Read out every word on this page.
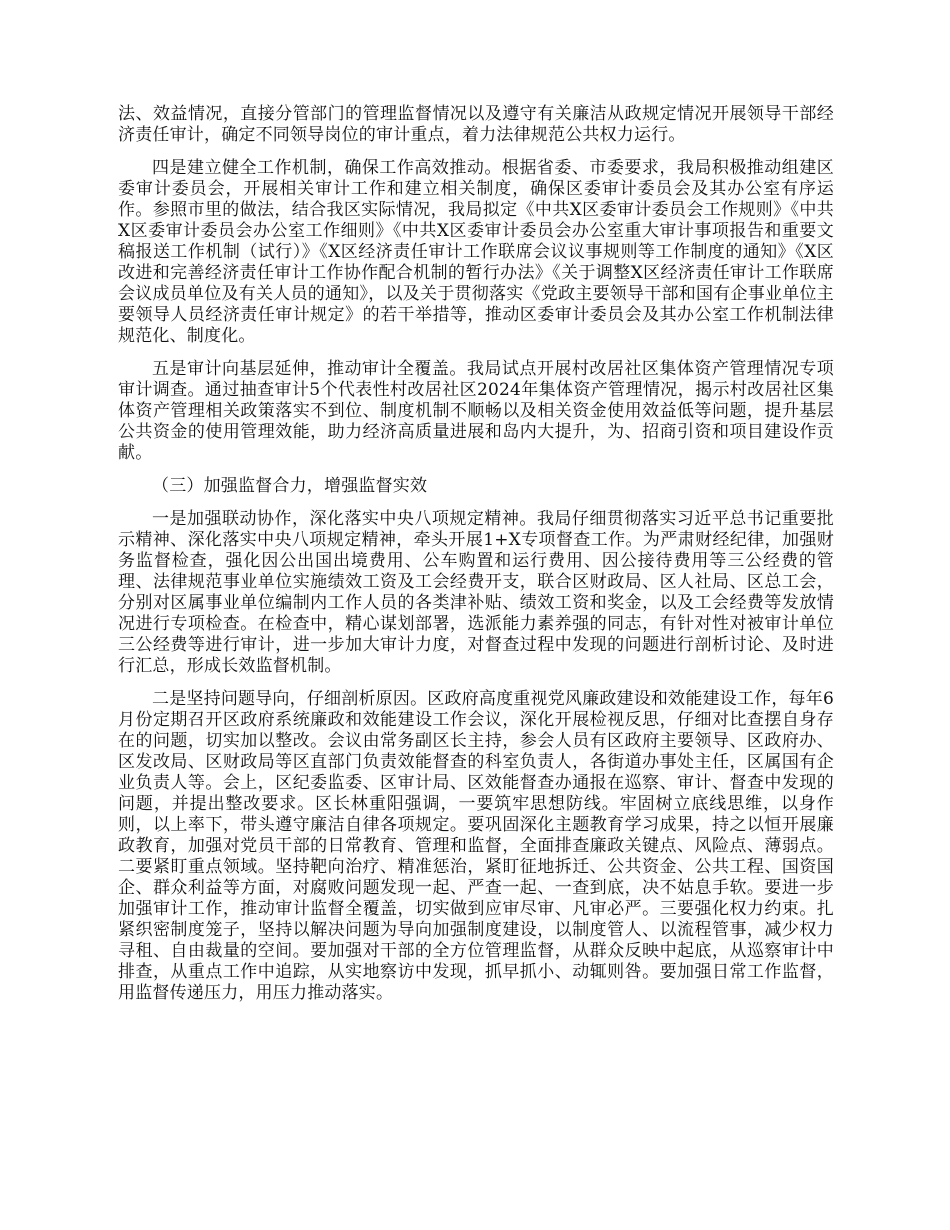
法、效益情况，直接分管部门的管理监督情况以及遵守有关廉洁从政规定情况开展领导干部经济责任审计，确定不同领导岗位的审计重点，着力法律规范公共权力运行。

四是建立健全工作机制，确保工作高效推动。根据省委、市委要求，我局积极推动组建区委审计委员会，开展相关审计工作和建立相关制度，确保区委审计委员会及其办公室有序运作。参照市里的做法，结合我区实际情况，我局拟定《中共X区委审计委员会工作规则》《中共X区委审计委员会办公室工作细则》《中共X区委审计委员会办公室重大审计事项报告和重要文稿报送工作机制（试行）》《X区经济责任审计工作联席会议议事规则等工作制度的通知》《X区改进和完善经济责任审计工作协作配合机制的暂行办法》《关于调整X区经济责任审计工作联席会议成员单位及有关人员的通知》，以及关于贯彻落实《党政主要领导干部和国有企事业单位主要领导人员经济责任审计规定》的若干举措等，推动区委审计委员会及其办公室工作机制法律规范化、制度化。

五是审计向基层延伸，推动审计全覆盖。我局试点开展村改居社区集体资产管理情况专项审计调查。通过抽查审计5个代表性村改居社区2024年集体资产管理情况，揭示村改居社区集体资产管理相关政策落实不到位、制度机制不顺畅以及相关资金使用效益低等问题，提升基层公共资金的使用管理效能，助力经济高质量进展和岛内大提升，为、招商引资和项目建设作贡献。

（三）加强监督合力，增强监督实效

一是加强联动协作，深化落实中央八项规定精神。我局仔细贯彻落实习近平总书记重要批示精神、深化落实中央八项规定精神，牵头开展1+X专项督查工作。为严肃财经纪律，加强财务监督检查，强化因公出国出境费用、公车购置和运行费用、因公接待费用等三公经费的管理、法律规范事业单位实施绩效工资及工会经费开支，联合区财政局、区人社局、区总工会，分别对区属事业单位编制内工作人员的各类津补贴、绩效工资和奖金，以及工会经费等发放情况进行专项检查。在检查中，精心谋划部署，选派能力素养强的同志，有针对性对被审计单位三公经费等进行审计，进一步加大审计力度，对督查过程中发现的问题进行剖析讨论、及时进行汇总，形成长效监督机制。

二是坚持问题导向，仔细剖析原因。区政府高度重视党风廉政建设和效能建设工作，每年6月份定期召开区政府系统廉政和效能建设工作会议，深化开展检视反思，仔细对比查摆自身存在的问题，切实加以整改。会议由常务副区长主持，参会人员有区政府主要领导、区政府办、区发改局、区财政局等区直部门负责效能督查的科室负责人，各街道办事处主任，区属国有企业负责人等。会上，区纪委监委、区审计局、区效能督查办通报在巡察、审计、督查中发现的问题，并提出整改要求。区长林重阳强调，一要筑牢思想防线。牢固树立底线思维，以身作则，以上率下，带头遵守廉洁自律各项规定。要巩固深化主题教育学习成果，持之以恒开展廉政教育，加强对党员干部的日常教育、管理和监督，全面排查廉政关键点、风险点、薄弱点。二要紧盯重点领域。坚持靶向治疗、精准惩治，紧盯征地拆迁、公共资金、公共工程、国资国企、群众利益等方面，对腐败问题发现一起、严查一起、一查到底，决不姑息手软。要进一步加强审计工作，推动审计监督全覆盖，切实做到应审尽审、凡审必严。三要强化权力约束。扎紧织密制度笼子，坚持以解决问题为导向加强制度建设，以制度管人、以流程管事，减少权力寻租、自由裁量的空间。要加强对干部的全方位管理监督，从群众反映中起底，从巡察审计中排查，从重点工作中追踪，从实地察访中发现，抓早抓小、动辄则咎。要加强日常工作监督，用监督传递压力，用压力推动落实。
